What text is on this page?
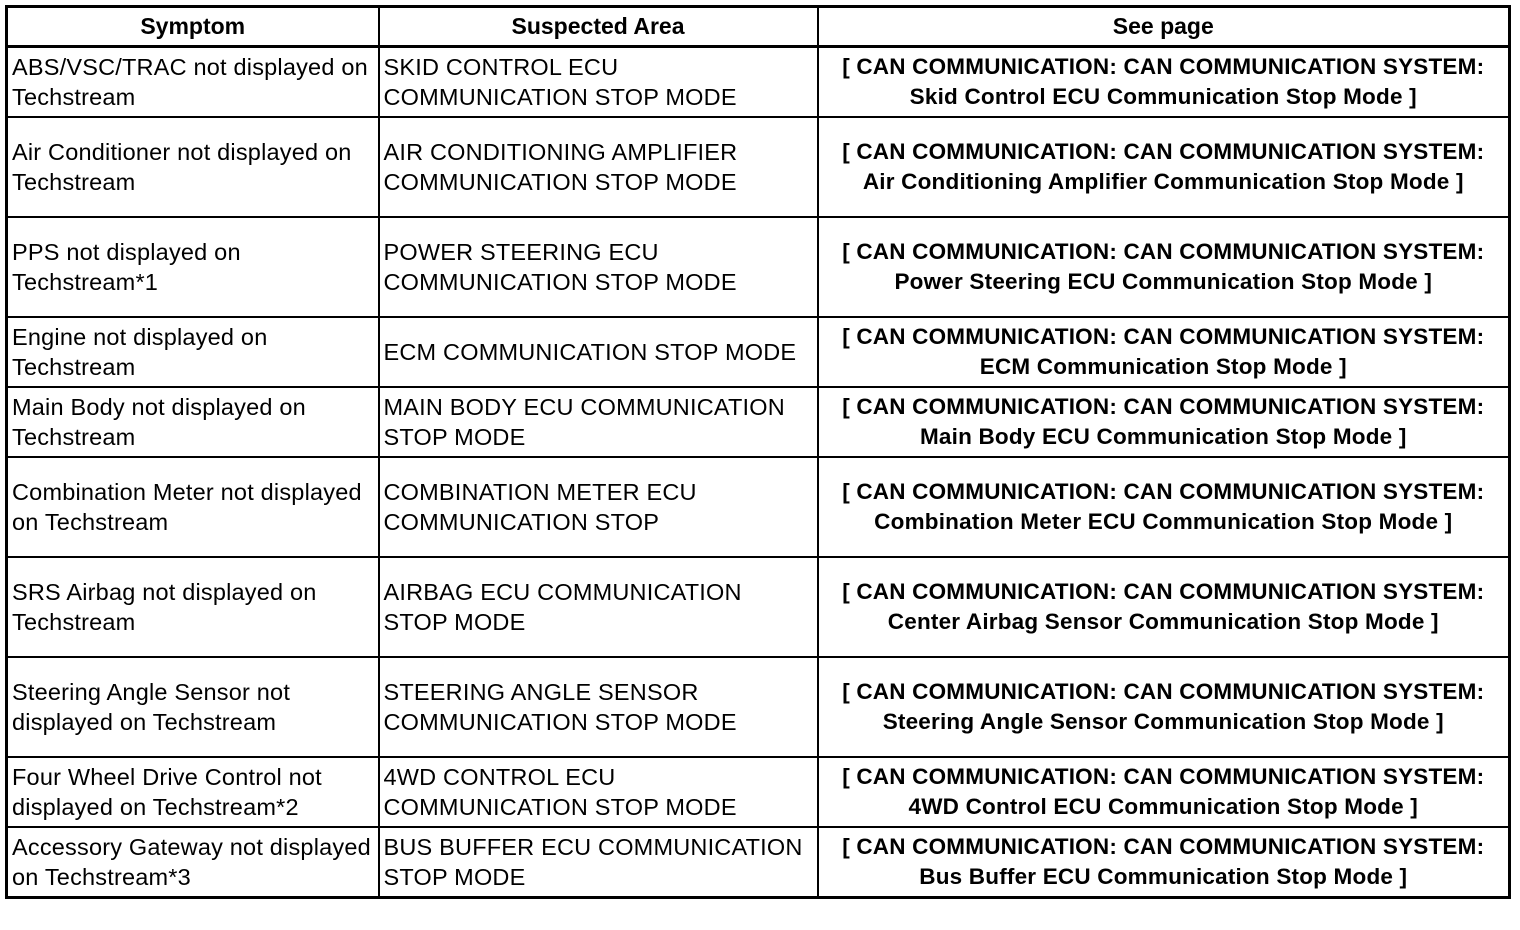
Symptom	Suspected Area	See page
ABS/VSC/TRAC not displayed on Techstream	SKID CONTROL ECU COMMUNICATION STOP MODE	[ CAN COMMUNICATION: CAN COMMUNICATION SYSTEM: Skid Control ECU Communication Stop Mode ]
Air Conditioner not displayed on Techstream	AIR CONDITIONING AMPLIFIER COMMUNICATION STOP MODE	[ CAN COMMUNICATION: CAN COMMUNICATION SYSTEM: Air Conditioning Amplifier Communication Stop Mode ]
PPS not displayed on Techstream*1	POWER STEERING ECU COMMUNICATION STOP MODE	[ CAN COMMUNICATION: CAN COMMUNICATION SYSTEM: Power Steering ECU Communication Stop Mode ]
Engine not displayed on Techstream	ECM COMMUNICATION STOP MODE	[ CAN COMMUNICATION: CAN COMMUNICATION SYSTEM: ECM Communication Stop Mode ]
Main Body not displayed on Techstream	MAIN BODY ECU COMMUNICATION STOP MODE	[ CAN COMMUNICATION: CAN COMMUNICATION SYSTEM: Main Body ECU Communication Stop Mode ]
Combination Meter not displayed on Techstream	COMBINATION METER ECU COMMUNICATION STOP	[ CAN COMMUNICATION: CAN COMMUNICATION SYSTEM: Combination Meter ECU Communication Stop Mode ]
SRS Airbag not displayed on Techstream	AIRBAG ECU COMMUNICATION STOP MODE	[ CAN COMMUNICATION: CAN COMMUNICATION SYSTEM: Center Airbag Sensor Communication Stop Mode ]
Steering Angle Sensor not displayed on Techstream	STEERING ANGLE SENSOR COMMUNICATION STOP MODE	[ CAN COMMUNICATION: CAN COMMUNICATION SYSTEM: Steering Angle Sensor Communication Stop Mode ]
Four Wheel Drive Control not displayed on Techstream*2	4WD CONTROL ECU COMMUNICATION STOP MODE	[ CAN COMMUNICATION: CAN COMMUNICATION SYSTEM: 4WD Control ECU Communication Stop Mode ]
Accessory Gateway not displayed on Techstream*3	BUS BUFFER ECU COMMUNICATION STOP MODE	[ CAN COMMUNICATION: CAN COMMUNICATION SYSTEM: Bus Buffer ECU Communication Stop Mode ]
